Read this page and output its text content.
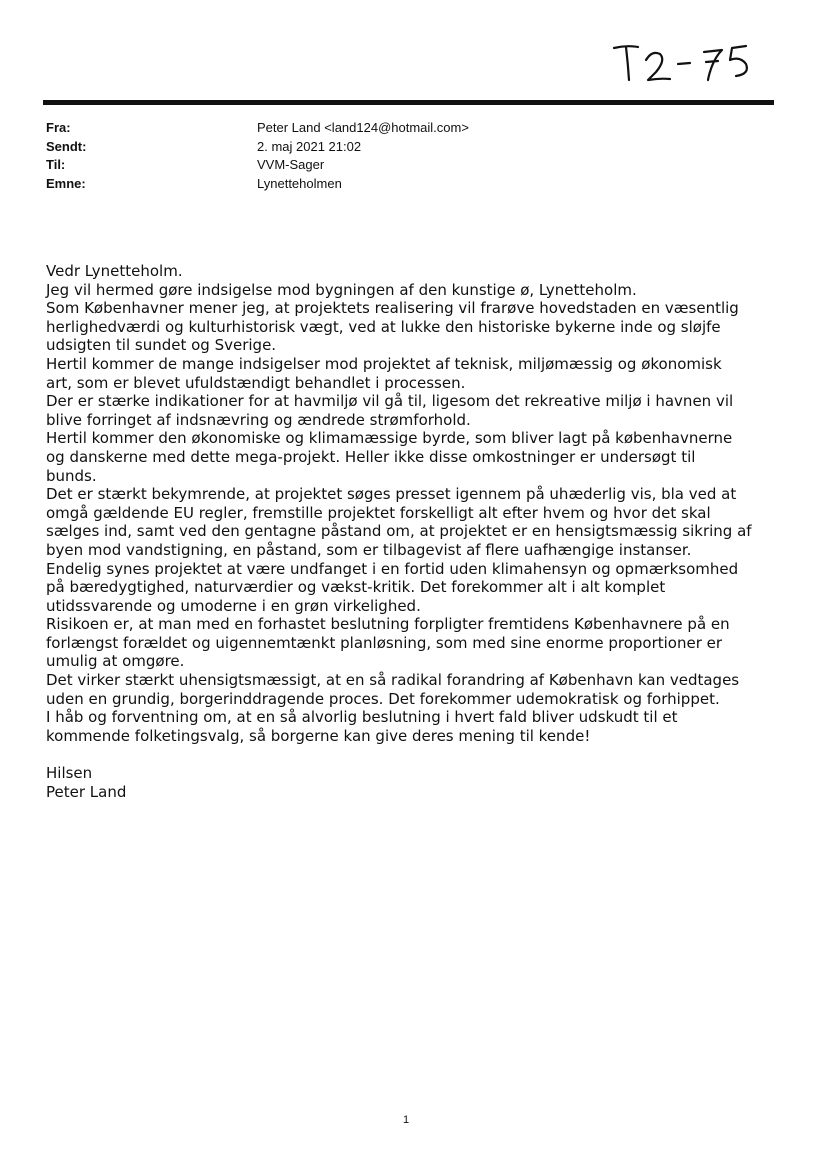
Fra:	Peter Land <land124@hotmail.com>
Sendt:	2. maj 2021 21:02
Til:	VVM-Sager
Emne:	Lynetteholmen

Vedr Lynetteholm.

Jeg vil hermed gøre indsigelse mod bygningen af den kunstige ø, Lynetteholm.

Som Københavner mener jeg, at projektets realisering vil frarøve hovedstaden en væsentlig

herlighedværdi og kulturhistorisk vægt, ved at lukke den historiske bykerne inde og sløjfe

udsigten til sundet og Sverige.

Hertil kommer de mange indsigelser mod projektet af teknisk, miljømæssig og økonomisk

art, som er blevet ufuldstændigt behandlet i processen.

Der er stærke indikationer for at havmiljø vil gå til, ligesom det rekreative miljø i havnen vil

blive forringet af indsnævring og ændrede strømforhold.

Hertil kommer den økonomiske og klimamæssige byrde, som bliver lagt på københavnerne

og danskerne med dette mega-projekt. Heller ikke disse omkostninger er undersøgt til

bunds.

Det er stærkt bekymrende, at projektet søges presset igennem på uhæderlig vis, bla ved at

omgå gældende EU regler, fremstille projektet forskelligt alt efter hvem og hvor det skal

sælges ind, samt ved den gentagne påstand om, at projektet er en hensigtsmæssig sikring af

byen mod vandstigning, en påstand, som er tilbagevist af flere uafhængige instanser.

Endelig synes projektet at være undfanget i en fortid uden klimahensyn og opmærksomhed

på bæredygtighed, naturværdier og vækst-kritik. Det forekommer alt i alt komplet

utidssvarende og umoderne i en grøn virkelighed.

Risikoen er, at man med en forhastet beslutning forpligter fremtidens Københavnere på en

forlængst forældet og uigennemtænkt planløsning, som med sine enorme proportioner er

umulig at omgøre.

Det virker stærkt uhensigtsmæssigt, at en så radikal forandring af København kan vedtages

uden en grundig, borgerinddragende proces. Det forekommer udemokratisk og forhippet.

I håb og forventning om, at en så alvorlig beslutning i hvert fald bliver udskudt til et

kommende folketingsvalg, så borgerne kan give deres mening til kende!

Hilsen

Peter Land

1
